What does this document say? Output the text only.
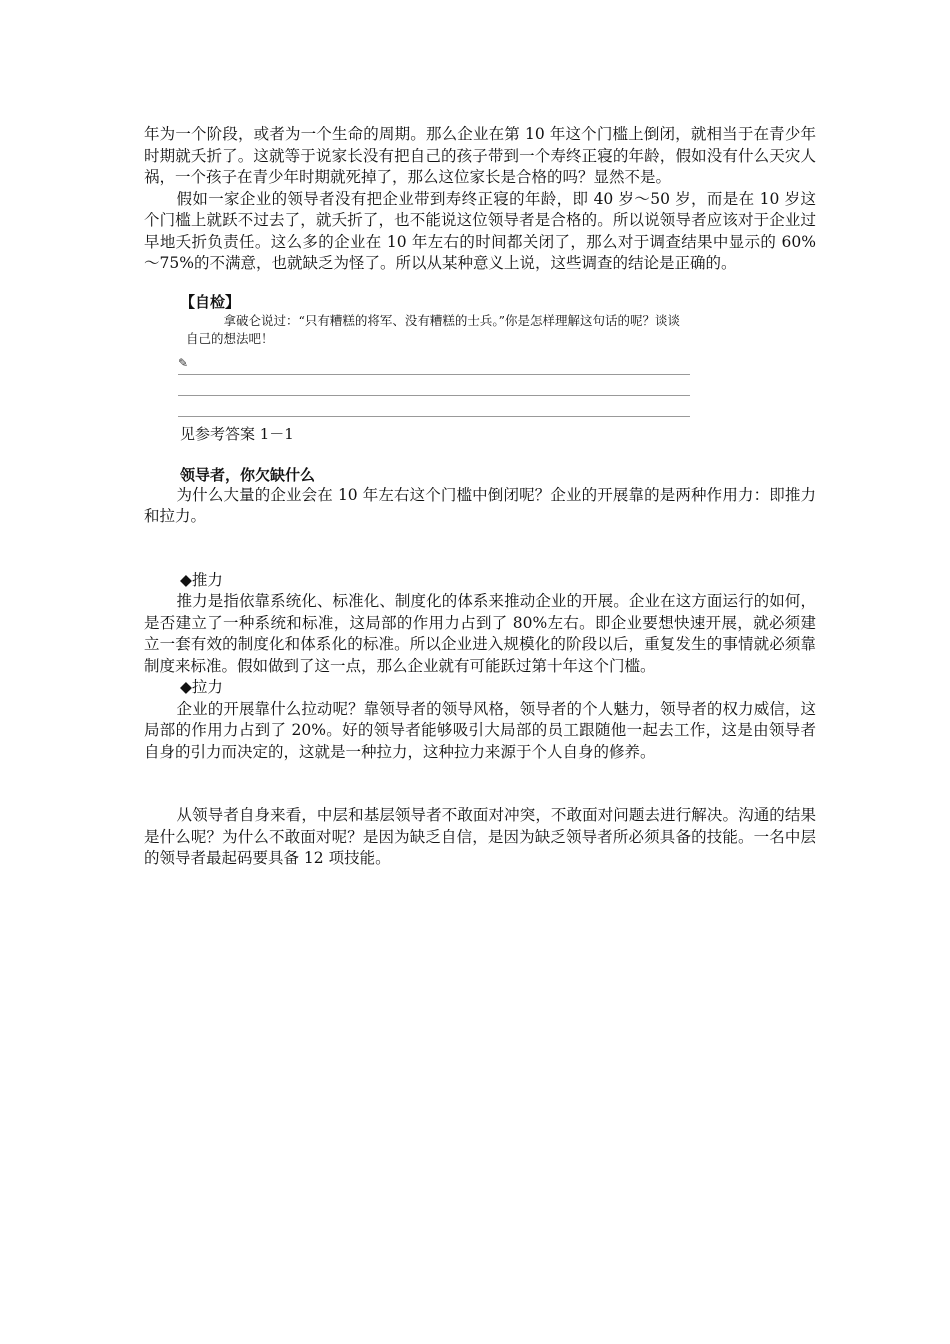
年为一个阶段，或者为一个生命的周期。那么企业在第 10 年这个门槛上倒闭，就相当于在青少年时期就夭折了。这就等于说家长没有把自己的孩子带到一个寿终正寝的年龄，假如没有什么天灾人祸，一个孩子在青少年时期就死掉了，那么这位家长是合格的吗？显然不是。

假如一家企业的领导者没有把企业带到寿终正寝的年龄，即 40 岁～50 岁，而是在 10 岁这个门槛上就跃不过去了，就夭折了，也不能说这位领导者是合格的。所以说领导者应该对于企业过早地夭折负责任。这么多的企业在 10 年左右的时间都关闭了，那么对于调查结果中显示的 60%～75%的不满意，也就缺乏为怪了。所以从某种意义上说，这些调查的结论是正确的。

【自检】
拿破仑说过：“只有糟糕的将军、没有糟糕的士兵。”你是怎样理解这句话的呢？谈谈
自己的想法吧！
✎
见参考答案 1－1
领导者，你欠缺什么

为什么大量的企业会在 10 年左右这个门槛中倒闭呢？企业的开展靠的是两种作用力：即推力和拉力。

◆推力

推力是指依靠系统化、标准化、制度化的体系来推动企业的开展。企业在这方面运行的如何，是否建立了一种系统和标准，这局部的作用力占到了 80%左右。即企业要想快速开展，就必须建立一套有效的制度化和体系化的标准。所以企业进入规模化的阶段以后，重复发生的事情就必须靠制度来标准。假如做到了这一点，那么企业就有可能跃过第十年这个门槛。

◆拉力

企业的开展靠什么拉动呢？靠领导者的领导风格，领导者的个人魅力，领导者的权力威信，这局部的作用力占到了 20%。好的领导者能够吸引大局部的员工跟随他一起去工作，这是由领导者自身的引力而决定的，这就是一种拉力，这种拉力来源于个人自身的修养。

从领导者自身来看，中层和基层领导者不敢面对冲突，不敢面对问题去进行解决。沟通的结果是什么呢？为什么不敢面对呢？是因为缺乏自信，是因为缺乏领导者所必须具备的技能。一名中层的领导者最起码要具备 12 项技能。
